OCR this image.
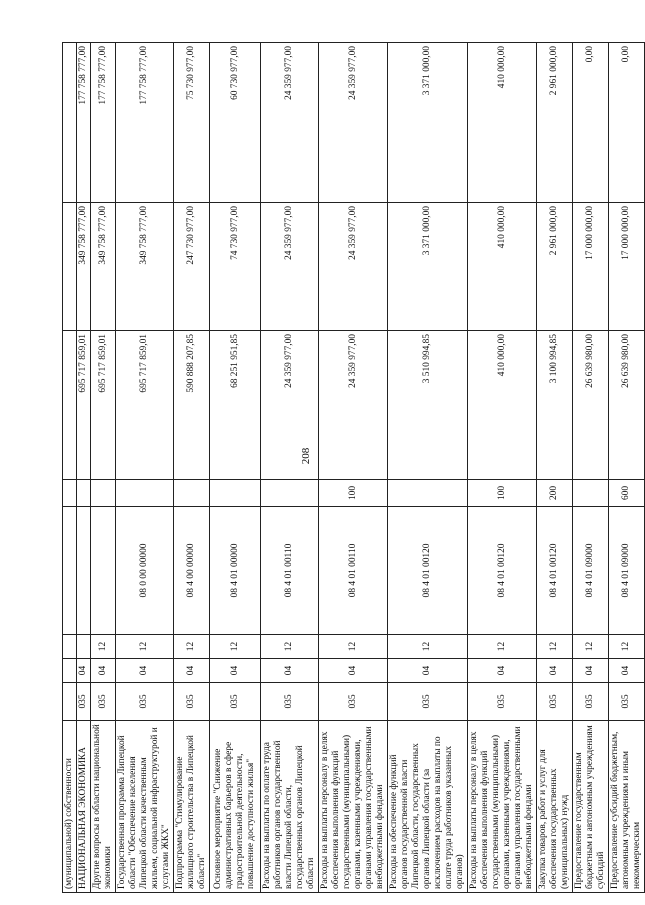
208
(муниципальной) собственности								
НАЦИОНАЛЬНАЯ ЭКОНОМИКА	035	04				695 717 859,01	349 758 777,00	177 758 777,00
Другие вопросы в области национальной экономики	035	04	12			695 717 859,01	349 758 777,00	177 758 777,00
Государственная программа Липецкой области "Обеспечение населения Липецкой области качественным жильем, социальной инфраструктурой и услугами ЖКХ"	035	04	12	08 0 00 00000		695 717 859,01	349 758 777,00	177 758 777,00
Подпрограмма "Стимулирование жилищного строительства в Липецкой области"	035	04	12	08 4 00 00000		590 888 207,85	247 730 977,00	75 730 977,00
Основное мероприятие "Снижение административных барьеров в сфере градостроительной деятельности, повышение доступности жилья"	035	04	12	08 4 01 00000		68 251 951,85	74 730 977,00	60 730 977,00
Расходы на выплаты по оплате труда работников органов государственной власти Липецкой области, государственных органов Липецкой области	035	04	12	08 4 01 00110		24 359 977,00	24 359 977,00	24 359 977,00
Расходы на выплаты персоналу в целях обеспечения выполнения функций государственными (муниципальными) органами, казенными учреждениями, органами управления государственными внебюджетными фондами	035	04	12	08 4 01 00110	100	24 359 977,00	24 359 977,00	24 359 977,00
Расходы на обеспечение функций органов государственной власти Липецкой области, государственных органов Липецкой области (за исключением расходов на выплаты по оплате труда работников указанных органов)	035	04	12	08 4 01 00120		3 510 994,85	3 371 000,00	3 371 000,00
Расходы на выплаты персоналу в целях обеспечения выполнения функций государственными (муниципальными) органами, казенными учреждениями, органами управления государственными внебюджетными фондами	035	04	12	08 4 01 00120	100	410 000,00	410 000,00	410 000,00
Закупка товаров, работ и услуг для обеспечения государственных (муниципальных) нужд	035	04	12	08 4 01 00120	200	3 100 994,85	2 961 000,00	2 961 000,00
Предоставление государственным бюджетным и автономным учреждениям субсидий	035	04	12	08 4 01 09000		26 639 980,00	17 000 000,00	0,00
Предоставление субсидий бюджетным, автономным учреждениям и иным некоммерческим	035	04	12	08 4 01 09000	600	26 639 980,00	17 000 000,00	0,00
